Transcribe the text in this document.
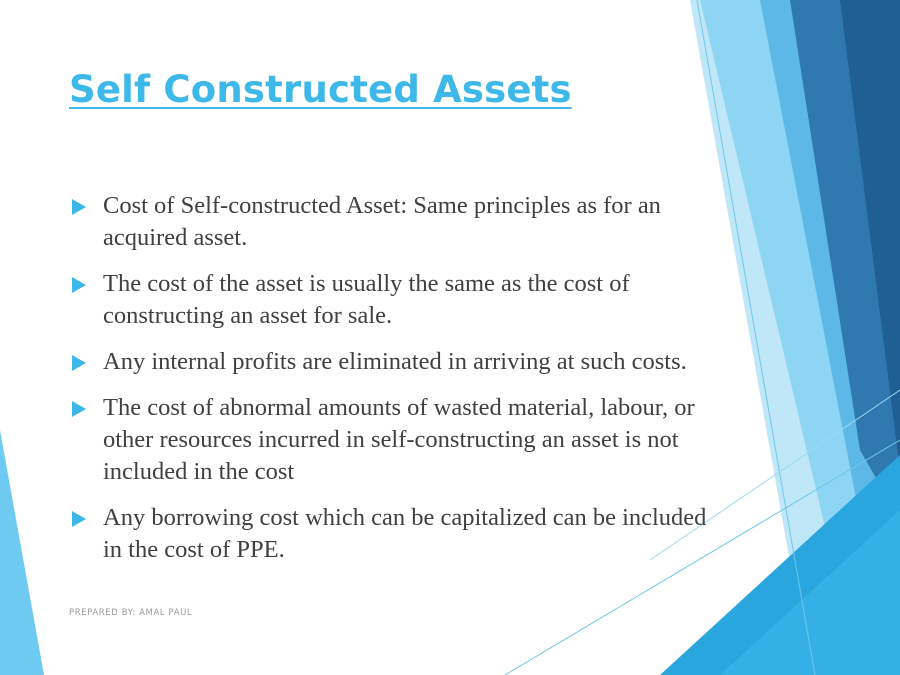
Self Constructed Assets
Cost of Self-constructed Asset: Same principles as for an acquired asset.
The cost of the asset is usually the same as the cost of constructing an asset for sale.
Any internal profits are eliminated in arriving at such costs.
The cost of abnormal amounts of wasted material, labour, or other resources incurred in self-constructing an asset is not included in the cost
Any borrowing cost which can be capitalized can be included in the cost of PPE.
PREPARED BY: AMAL PAUL
